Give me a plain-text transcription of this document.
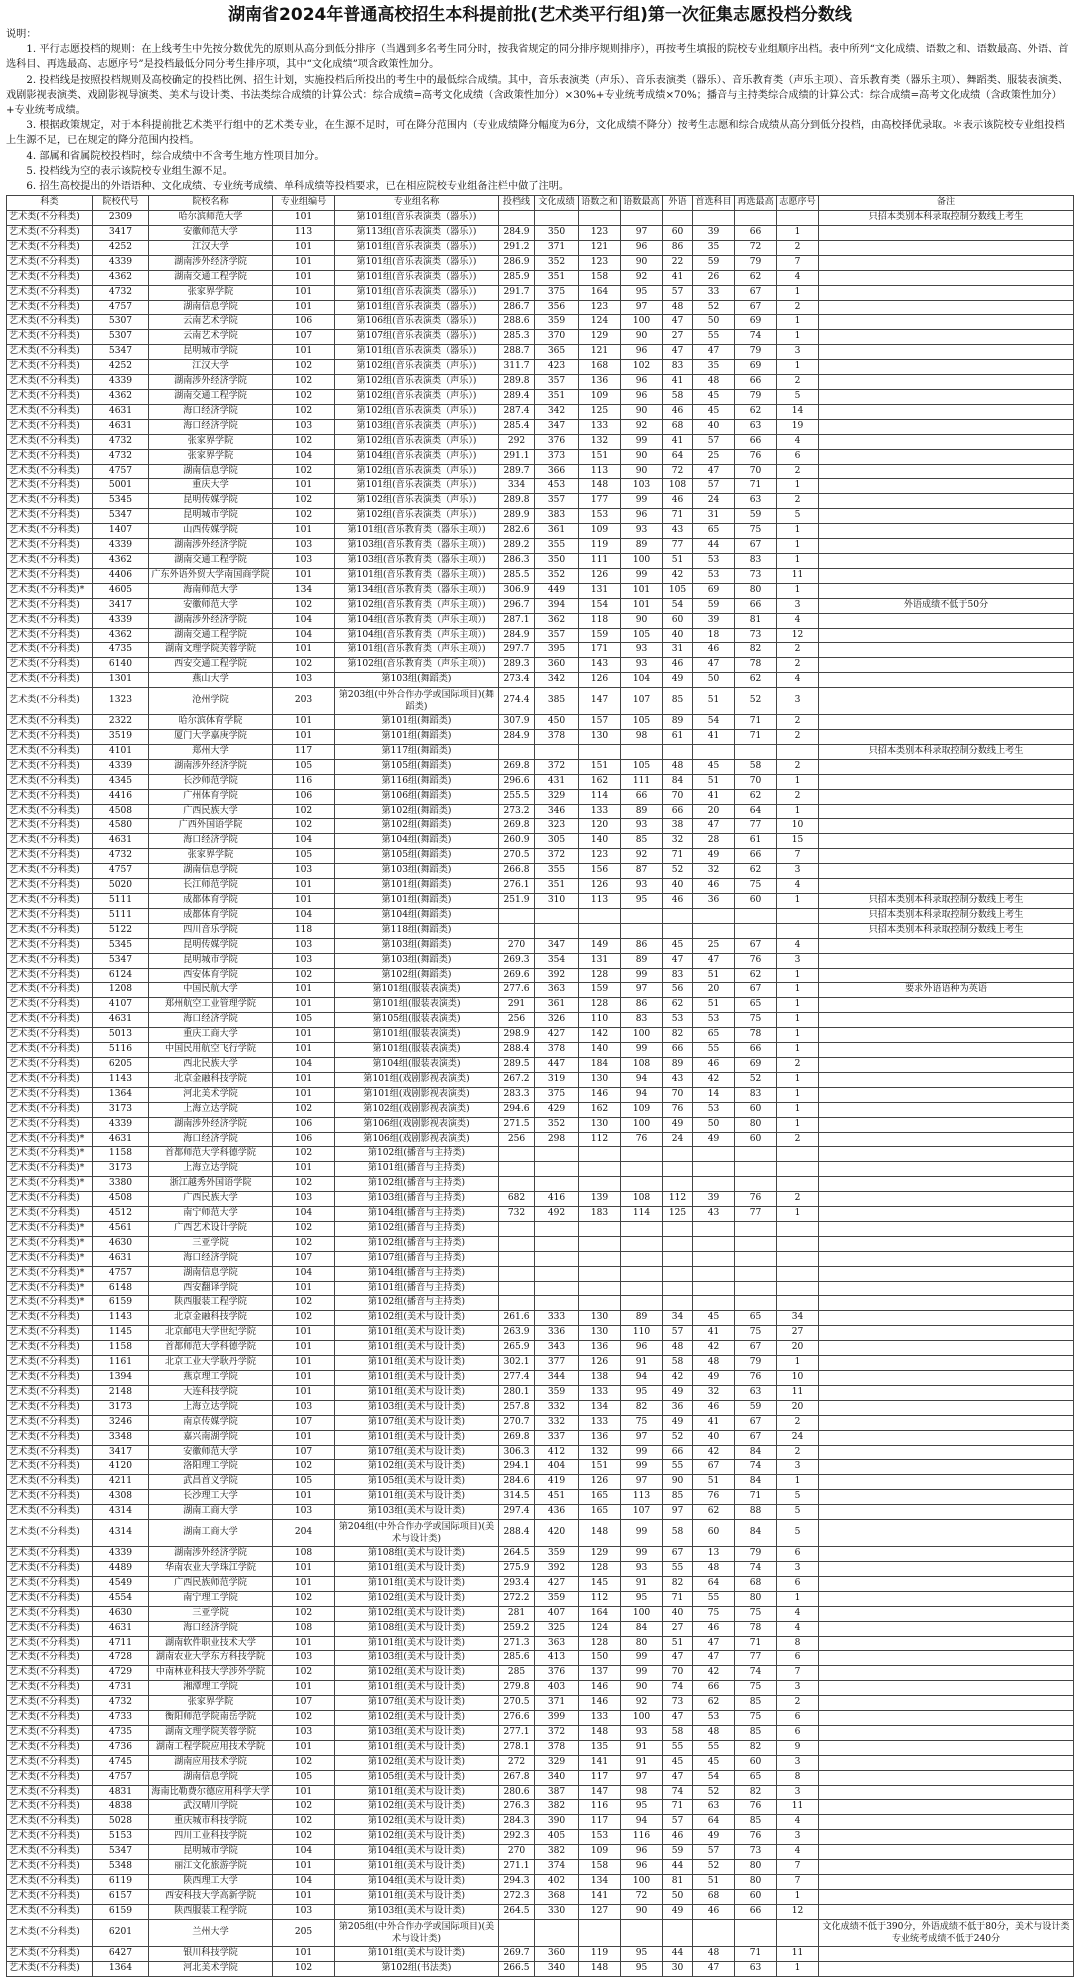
湖南省2024年普通高校招生本科提前批(艺术类平行组)第一次征集志愿投档分数线
说明：

1. 平行志愿投档的规则：在上线考生中先按分数优先的原则从高分到低分排序（当遇到多名考生同分时，按我省规定的同分排序规则排序），再按考生填报的院校专业组顺序出档。表中所列“文化成绩、语数之和、语数最高、外语、首选科目、再选最高、志愿序号”是投档最低分同分考生排序项，其中“文化成绩”项含政策性加分。

2. 投档线是按照投档规则及高校确定的投档比例、招生计划，实施投档后所投出的考生中的最低综合成绩。其中，音乐表演类（声乐）、音乐表演类（器乐）、音乐教育类（声乐主项）、音乐教育类（器乐主项）、舞蹈类、服装表演类、戏剧影视表演类、戏剧影视导演类、美术与设计类、书法类综合成绩的计算公式：综合成绩=高考文化成绩（含政策性加分）×30%+专业统考成绩×70%；播音与主持类综合成绩的计算公式：综合成绩=高考文化成绩（含政策性加分）+专业统考成绩。

3. 根据政策规定，对于本科提前批艺术类平行组中的艺术类专业，在生源不足时，可在降分范围内（专业成绩降分幅度为6分，文化成绩不降分）按考生志愿和综合成绩从高分到低分投档，由高校择优录取。＊表示该院校专业组投档上生源不足，已在规定的降分范围内投档。

4. 部属和省属院校投档时，综合成绩中不含考生地方性项目加分。

5. 投档线为空的表示该院校专业组生源不足。

6. 招生高校提出的外语语种、文化成绩、专业统考成绩、单科成绩等投档要求，已在相应院校专业组备注栏中做了注明。

科类	院校代号	院校名称	专业组编号	专业组名称	投档线	文化成绩	语数之和	语数最高	外语	首选科目	再选最高	志愿序号	备注
艺术类(不分科类)	2309	哈尔滨师范大学	101	第101组(音乐表演类（器乐）)									只招本类别本科录取控制分数线上考生
艺术类(不分科类)	3417	安徽师范大学	113	第113组(音乐表演类（器乐）)	284.9	350	123	97	60	39	66	1	
艺术类(不分科类)	4252	江汉大学	101	第101组(音乐表演类（器乐）)	291.2	371	121	96	86	35	72	2	
艺术类(不分科类)	4339	湖南涉外经济学院	101	第101组(音乐表演类（器乐）)	286.9	352	123	90	22	59	79	7	
艺术类(不分科类)	4362	湖南交通工程学院	101	第101组(音乐表演类（器乐）)	285.9	351	158	92	41	26	62	4	
艺术类(不分科类)	4732	张家界学院	101	第101组(音乐表演类（器乐）)	291.7	375	164	95	57	33	67	1	
艺术类(不分科类)	4757	湖南信息学院	101	第101组(音乐表演类（器乐）)	286.7	356	123	97	48	52	67	2	
艺术类(不分科类)	5307	云南艺术学院	106	第106组(音乐表演类（器乐）)	288.6	359	124	100	47	50	69	1	
艺术类(不分科类)	5307	云南艺术学院	107	第107组(音乐表演类（器乐）)	285.3	370	129	90	27	55	74	1	
艺术类(不分科类)	5347	昆明城市学院	101	第101组(音乐表演类（器乐）)	288.7	365	121	96	47	47	79	3	
艺术类(不分科类)	4252	江汉大学	102	第102组(音乐表演类（声乐）)	311.7	423	168	102	83	35	69	1	
艺术类(不分科类)	4339	湖南涉外经济学院	102	第102组(音乐表演类（声乐）)	289.8	357	136	96	41	48	66	2	
艺术类(不分科类)	4362	湖南交通工程学院	102	第102组(音乐表演类（声乐）)	289.4	351	109	96	58	45	79	5	
艺术类(不分科类)	4631	海口经济学院	102	第102组(音乐表演类（声乐）)	287.4	342	125	90	46	45	62	14	
艺术类(不分科类)	4631	海口经济学院	103	第103组(音乐表演类（声乐）)	285.4	347	133	92	68	40	63	19	
艺术类(不分科类)	4732	张家界学院	102	第102组(音乐表演类（声乐）)	292	376	132	99	41	57	66	4	
艺术类(不分科类)	4732	张家界学院	104	第104组(音乐表演类（声乐）)	291.1	373	151	90	64	25	76	6	
艺术类(不分科类)	4757	湖南信息学院	102	第102组(音乐表演类（声乐）)	289.7	366	113	90	72	47	70	2	
艺术类(不分科类)	5001	重庆大学	101	第101组(音乐表演类（声乐）)	334	453	148	103	108	57	71	1	
艺术类(不分科类)	5345	昆明传媒学院	102	第102组(音乐表演类（声乐）)	289.8	357	177	99	46	24	63	2	
艺术类(不分科类)	5347	昆明城市学院	102	第102组(音乐表演类（声乐）)	289.9	383	153	96	71	31	59	5	
艺术类(不分科类)	1407	山西传媒学院	101	第101组(音乐教育类（器乐主项）)	282.6	361	109	93	43	65	75	1	
艺术类(不分科类)	4339	湖南涉外经济学院	103	第103组(音乐教育类（器乐主项）)	289.2	355	119	89	77	44	67	1	
艺术类(不分科类)	4362	湖南交通工程学院	103	第103组(音乐教育类（器乐主项）)	286.3	350	111	100	51	53	83	1	
艺术类(不分科类)	4406	广东外语外贸大学南国商学院	101	第101组(音乐教育类（器乐主项）)	285.5	352	126	99	42	53	73	11	
艺术类(不分科类)*	4605	海南师范大学	134	第134组(音乐教育类（器乐主项）)	306.9	449	131	101	105	69	80	1	
艺术类(不分科类)	3417	安徽师范大学	102	第102组(音乐教育类（声乐主项）)	296.7	394	154	101	54	59	66	3	外语成绩不低于50分
艺术类(不分科类)	4339	湖南涉外经济学院	104	第104组(音乐教育类（声乐主项）)	287.1	362	118	90	60	39	81	4	
艺术类(不分科类)	4362	湖南交通工程学院	104	第104组(音乐教育类（声乐主项）)	284.9	357	159	105	40	18	73	12	
艺术类(不分科类)	4735	湖南文理学院芙蓉学院	101	第101组(音乐教育类（声乐主项）)	297.7	395	171	93	31	46	82	2	
艺术类(不分科类)	6140	西安交通工程学院	102	第102组(音乐教育类（声乐主项）)	289.3	360	143	93	46	47	78	2	
艺术类(不分科类)	1301	燕山大学	103	第103组(舞蹈类)	273.4	342	126	104	49	50	62	4	
艺术类(不分科类)	1323	沧州学院	203	第203组(中外合作办学或国际项目)(舞蹈类)	274.4	385	147	107	85	51	52	3	
艺术类(不分科类)	2322	哈尔滨体育学院	101	第101组(舞蹈类)	307.9	450	157	105	89	54	71	2	
艺术类(不分科类)	3519	厦门大学嘉庚学院	101	第101组(舞蹈类)	284.9	378	130	98	61	41	71	2	
艺术类(不分科类)	4101	郑州大学	117	第117组(舞蹈类)									只招本类别本科录取控制分数线上考生
艺术类(不分科类)	4339	湖南涉外经济学院	105	第105组(舞蹈类)	269.8	372	151	105	48	45	58	2	
艺术类(不分科类)	4345	长沙师范学院	116	第116组(舞蹈类)	296.6	431	162	111	84	51	70	1	
艺术类(不分科类)	4416	广州体育学院	106	第106组(舞蹈类)	255.5	329	114	66	70	41	62	2	
艺术类(不分科类)	4508	广西民族大学	102	第102组(舞蹈类)	273.2	346	133	89	66	20	64	1	
艺术类(不分科类)	4580	广西外国语学院	102	第102组(舞蹈类)	269.8	323	120	93	38	47	77	10	
艺术类(不分科类)	4631	海口经济学院	104	第104组(舞蹈类)	260.9	305	140	85	32	28	61	15	
艺术类(不分科类)	4732	张家界学院	105	第105组(舞蹈类)	270.5	372	123	92	71	49	66	7	
艺术类(不分科类)	4757	湖南信息学院	103	第103组(舞蹈类)	266.8	355	156	87	52	32	62	3	
艺术类(不分科类)	5020	长江师范学院	101	第101组(舞蹈类)	276.1	351	126	93	40	46	75	4	
艺术类(不分科类)	5111	成都体育学院	101	第101组(舞蹈类)	251.9	310	113	95	46	36	60	1	只招本类别本科录取控制分数线上考生
艺术类(不分科类)	5111	成都体育学院	104	第104组(舞蹈类)									只招本类别本科录取控制分数线上考生
艺术类(不分科类)	5122	四川音乐学院	118	第118组(舞蹈类)									只招本类别本科录取控制分数线上考生
艺术类(不分科类)	5345	昆明传媒学院	103	第103组(舞蹈类)	270	347	149	86	45	25	67	4	
艺术类(不分科类)	5347	昆明城市学院	103	第103组(舞蹈类)	269.3	354	131	89	47	47	76	3	
艺术类(不分科类)	6124	西安体育学院	102	第102组(舞蹈类)	269.6	392	128	99	83	51	62	1	
艺术类(不分科类)	1208	中国民航大学	101	第101组(服装表演类)	277.6	363	159	97	56	20	67	1	要求外语语种为英语
艺术类(不分科类)	4107	郑州航空工业管理学院	101	第101组(服装表演类)	291	361	128	86	62	51	65	1	
艺术类(不分科类)	4631	海口经济学院	105	第105组(服装表演类)	256	326	110	83	53	53	75	1	
艺术类(不分科类)	5013	重庆工商大学	101	第101组(服装表演类)	298.9	427	142	100	82	65	78	1	
艺术类(不分科类)	5116	中国民用航空飞行学院	101	第101组(服装表演类)	288.4	378	140	99	66	55	66	1	
艺术类(不分科类)	6205	西北民族大学	104	第104组(服装表演类)	289.5	447	184	108	89	46	69	2	
艺术类(不分科类)	1143	北京金融科技学院	101	第101组(戏剧影视表演类)	267.2	319	130	94	43	42	52	1	
艺术类(不分科类)	1364	河北美术学院	101	第101组(戏剧影视表演类)	283.3	375	146	94	70	14	83	1	
艺术类(不分科类)	3173	上海立达学院	102	第102组(戏剧影视表演类)	294.6	429	162	109	76	53	60	1	
艺术类(不分科类)	4339	湖南涉外经济学院	106	第106组(戏剧影视表演类)	271.5	352	130	100	49	50	80	1	
艺术类(不分科类)*	4631	海口经济学院	106	第106组(戏剧影视表演类)	256	298	112	76	24	49	60	2	
艺术类(不分科类)*	1158	首都师范大学科德学院	102	第102组(播音与主持类)									
艺术类(不分科类)*	3173	上海立达学院	101	第101组(播音与主持类)									
艺术类(不分科类)*	3380	浙江越秀外国语学院	102	第102组(播音与主持类)									
艺术类(不分科类)	4508	广西民族大学	103	第103组(播音与主持类)	682	416	139	108	112	39	76	2	
艺术类(不分科类)	4512	南宁师范大学	104	第104组(播音与主持类)	732	492	183	114	125	43	77	1	
艺术类(不分科类)*	4561	广西艺术设计学院	102	第102组(播音与主持类)									
艺术类(不分科类)*	4630	三亚学院	102	第102组(播音与主持类)									
艺术类(不分科类)*	4631	海口经济学院	107	第107组(播音与主持类)									
艺术类(不分科类)*	4757	湖南信息学院	104	第104组(播音与主持类)									
艺术类(不分科类)*	6148	西安翻译学院	101	第101组(播音与主持类)									
艺术类(不分科类)*	6159	陕西服装工程学院	102	第102组(播音与主持类)									
艺术类(不分科类)	1143	北京金融科技学院	102	第102组(美术与设计类)	261.6	333	130	89	34	45	65	34	
艺术类(不分科类)	1145	北京邮电大学世纪学院	101	第101组(美术与设计类)	263.9	336	130	110	57	41	75	27	
艺术类(不分科类)	1158	首都师范大学科德学院	101	第101组(美术与设计类)	265.9	343	136	96	48	42	67	20	
艺术类(不分科类)	1161	北京工业大学耿丹学院	101	第101组(美术与设计类)	302.1	377	126	91	58	48	79	1	
艺术类(不分科类)	1394	燕京理工学院	101	第101组(美术与设计类)	277.4	344	138	94	42	49	76	10	
艺术类(不分科类)	2148	大连科技学院	101	第101组(美术与设计类)	280.1	359	133	95	49	32	63	11	
艺术类(不分科类)	3173	上海立达学院	103	第103组(美术与设计类)	257.8	332	134	82	36	46	59	20	
艺术类(不分科类)	3246	南京传媒学院	107	第107组(美术与设计类)	270.7	332	133	75	49	41	67	2	
艺术类(不分科类)	3348	嘉兴南湖学院	101	第101组(美术与设计类)	269.8	337	136	97	52	40	67	24	
艺术类(不分科类)	3417	安徽师范大学	107	第107组(美术与设计类)	306.3	412	132	99	66	42	84	2	
艺术类(不分科类)	4120	洛阳理工学院	102	第102组(美术与设计类)	294.1	404	151	99	55	67	74	3	
艺术类(不分科类)	4211	武昌首义学院	105	第105组(美术与设计类)	284.6	419	126	97	90	51	84	1	
艺术类(不分科类)	4308	长沙理工大学	101	第101组(美术与设计类)	314.5	451	165	113	85	76	71	5	
艺术类(不分科类)	4314	湖南工商大学	103	第103组(美术与设计类)	297.4	436	165	107	97	62	88	5	
艺术类(不分科类)	4314	湖南工商大学	204	第204组(中外合作办学或国际项目)(美术与设计类)	288.4	420	148	99	58	60	84	5	
艺术类(不分科类)	4339	湖南涉外经济学院	108	第108组(美术与设计类)	264.5	359	129	99	67	13	79	6	
艺术类(不分科类)	4489	华南农业大学珠江学院	101	第101组(美术与设计类)	275.9	392	128	93	55	48	74	3	
艺术类(不分科类)	4549	广西民族师范学院	101	第101组(美术与设计类)	293.4	427	145	91	82	64	68	6	
艺术类(不分科类)	4554	南宁理工学院	102	第102组(美术与设计类)	272.2	359	112	95	71	55	80	1	
艺术类(不分科类)	4630	三亚学院	102	第102组(美术与设计类)	281	407	164	100	40	75	75	4	
艺术类(不分科类)	4631	海口经济学院	108	第108组(美术与设计类)	259.2	325	124	84	27	46	78	4	
艺术类(不分科类)	4711	湖南软件职业技术大学	101	第101组(美术与设计类)	271.3	363	128	80	51	47	71	8	
艺术类(不分科类)	4728	湖南农业大学东方科技学院	103	第103组(美术与设计类)	285.6	413	150	99	47	47	77	6	
艺术类(不分科类)	4729	中南林业科技大学涉外学院	102	第102组(美术与设计类)	285	376	137	99	70	42	74	7	
艺术类(不分科类)	4731	湘潭理工学院	101	第101组(美术与设计类)	279.8	403	146	90	74	66	75	3	
艺术类(不分科类)	4732	张家界学院	107	第107组(美术与设计类)	270.5	371	146	92	73	62	85	2	
艺术类(不分科类)	4733	衡阳师范学院南岳学院	102	第102组(美术与设计类)	276.6	399	133	100	47	53	75	6	
艺术类(不分科类)	4735	湖南文理学院芙蓉学院	103	第103组(美术与设计类)	277.1	372	148	93	58	48	85	6	
艺术类(不分科类)	4736	湖南工程学院应用技术学院	101	第101组(美术与设计类)	278.1	378	135	91	55	55	82	9	
艺术类(不分科类)	4745	湖南应用技术学院	102	第102组(美术与设计类)	272	329	141	91	45	45	60	3	
艺术类(不分科类)	4757	湖南信息学院	105	第105组(美术与设计类)	267.8	340	117	97	47	54	65	8	
艺术类(不分科类)	4831	海南比勒费尔德应用科学大学	101	第101组(美术与设计类)	280.6	387	147	98	74	52	82	3	
艺术类(不分科类)	4838	武汉晴川学院	102	第102组(美术与设计类)	276.3	382	116	95	71	63	76	11	
艺术类(不分科类)	5028	重庆城市科技学院	102	第102组(美术与设计类)	284.3	390	117	94	57	64	85	4	
艺术类(不分科类)	5153	四川工业科技学院	102	第102组(美术与设计类)	292.3	405	153	116	46	49	76	3	
艺术类(不分科类)	5347	昆明城市学院	104	第104组(美术与设计类)	270	382	109	96	59	57	73	4	
艺术类(不分科类)	5348	丽江文化旅游学院	101	第101组(美术与设计类)	271.1	374	158	96	44	52	80	7	
艺术类(不分科类)	6119	陕西理工大学	104	第104组(美术与设计类)	294.3	402	134	100	81	51	80	7	
艺术类(不分科类)	6157	西安科技大学高新学院	101	第101组(美术与设计类)	272.3	368	141	72	50	68	60	1	
艺术类(不分科类)	6159	陕西服装工程学院	103	第103组(美术与设计类)	264.5	330	127	90	49	46	66	12	
艺术类(不分科类)	6201	兰州大学	205	第205组(中外合作办学或国际项目)(美术与设计类)									文化成绩不低于390分，外语成绩不低于80分，美术与设计类专业统考成绩不低于240分
艺术类(不分科类)	6427	银川科技学院	101	第101组(美术与设计类)	269.7	360	119	95	44	48	71	11	
艺术类(不分科类)	1364	河北美术学院	102	第102组(书法类)	266.5	340	148	95	30	47	63	1	
